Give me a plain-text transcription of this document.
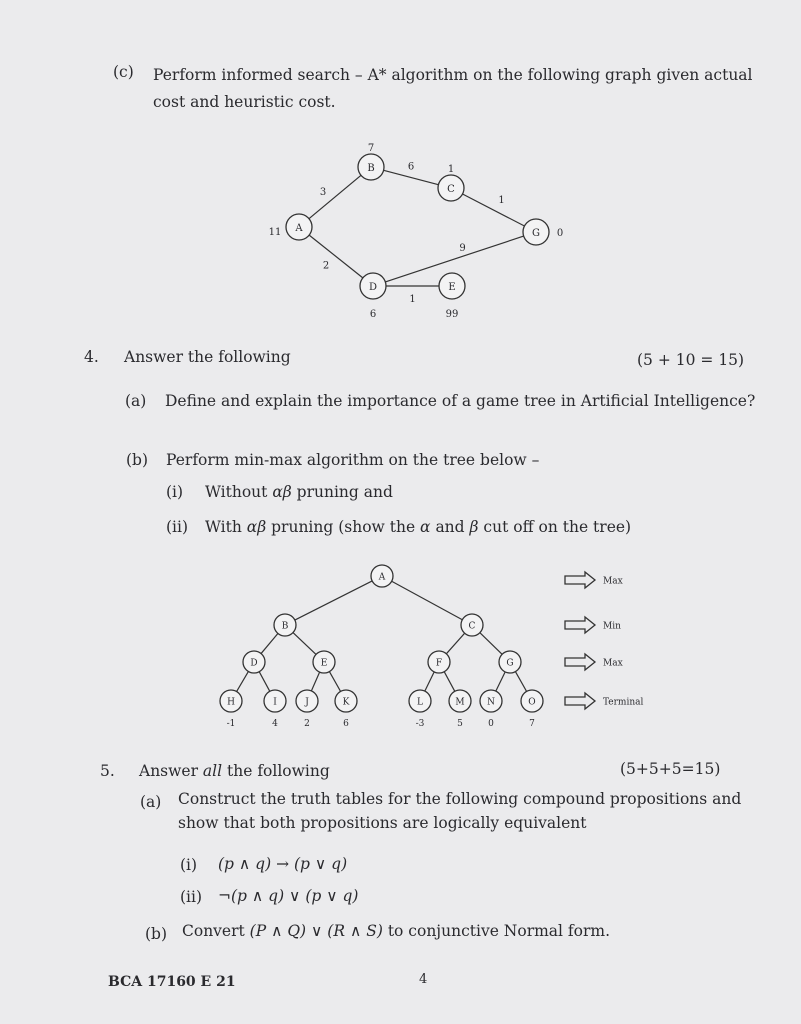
(c) Perform informed search – A* algorithm on the following graph given actual
cost and heuristic cost.
3
6
1
2
1
9
A
11
B
7
C
1
D
6
E
99
G 0
4. Answer the following	(5 + 10 = 15)
(a) Define and explain the importance of a game tree in Artificial Intelligence?
(b) Perform min-max algorithm on the tree below –
(i) Without αβ pruning and
(ii) With αβ pruning (show the α and β cut off on the tree)
A
B	C
D	E	F	G
H
-1
I
4
J
2
K
6
L
-3
M
5
N
0
O
7
Max
Min
Max
Terminal
5. Answer all the following	(5+5+5=15)
(a) Construct the truth tables for the following compound propositions and
show that both propositions are logically equivalent
(i) (p ∧ q) → (p ∨ q)
(ii) ¬(p ∧ q) ∨ (p ∨ q)
(b) Convert (P ∧ Q) ∨ (R ∧ S) to conjunctive Normal form.
BCA 17160 E 21	4
